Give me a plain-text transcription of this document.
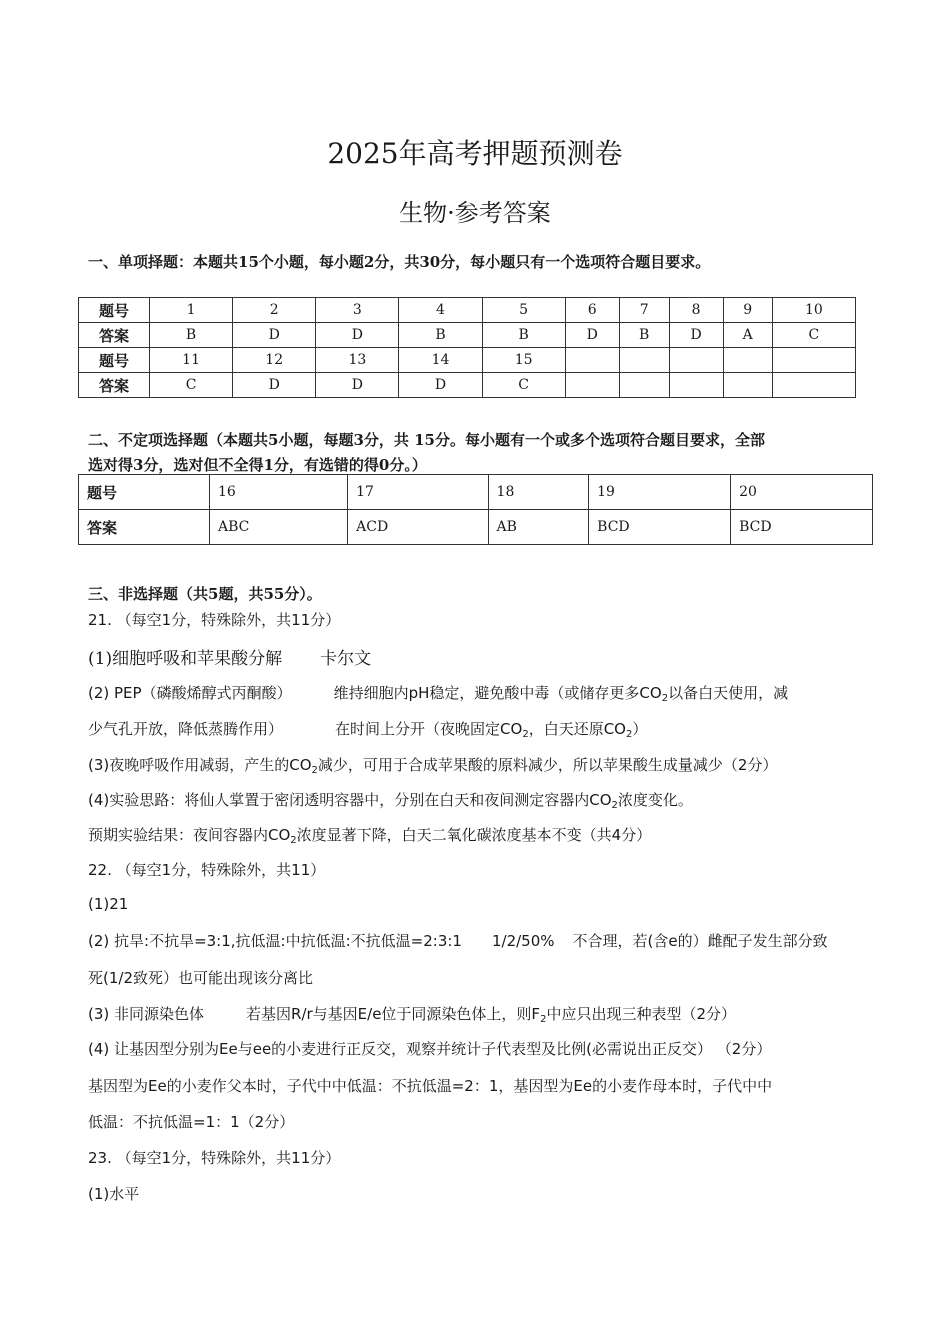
2025年高考押题预测卷
生物·参考答案
一、单项择题：本题共15个小题，每小题2分，共30分，每小题只有一个选项符合题目要求。
题号	1	2	3	4	5	6	7	8	9	10
答案	B	D	D	B	B	D	B	D	A	C
题号	11	12	13	14	15					
答案	C	D	D	D	C					
二、不定项选择题（本题共5小题，每题3分，共 15分。每小题有一个或多个选项符合题目要求，全部
选对得3分，选对但不全得1分，有选错的得0分。）
题号	16	17	18	19	20
答案	ABC	ACD	AB	BCD	BCD
三、非选择题（共5题，共55分）。
21. （每空1分，特殊除外，共11分）
(1)细胞呼吸和苹果酸分解 卡尔文
(2) PEP（磷酸烯醇式丙酮酸）	维持细胞内pH稳定，避免酸中毒（或储存更多$CO_2$以备白天使用，减
少气孔开放，降低蒸腾作用）	在时间上分开（夜晚固定$CO_2$，白天还原$CO_2$）
(3)夜晚呼吸作用减弱，产生的$CO_2$减少，可用于合成苹果酸的原料减少，所以苹果酸生成量减少（2分）
(4)实验思路：将仙人掌置于密闭透明容器中，分别在白天和夜间测定容器内$CO_2$浓度变化。
预期实验结果：夜间容器内$CO_2$浓度显著下降，白天二氧化碳浓度基本不变（共4分）
22. （每空1分，特殊除外，共11）
(1)21
(2) 抗旱:不抗旱=3:1,抗低温:中抗低温:不抗低温=2:3:1 1/2/50% 不合理，若(含e的）雌配子发生部分致
死(1/2致死）也可能出现该分离比
(3) 非同源染色体	若基因R/r与基因E/e位于同源染色体上，则$F_2$中应只出现三种表型（2分）
(4) 让基因型分别为Ee与ee的小麦进行正反交，观察并统计子代表型及比例(必需说出正反交） （2分）
基因型为Ee的小麦作父本时，子代中中低温：不抗低温=2：1，基因型为Ee的小麦作母本时，子代中中
低温：不抗低温=1：1（2分）
23. （每空1分，特殊除外，共11分）
(1)水平
